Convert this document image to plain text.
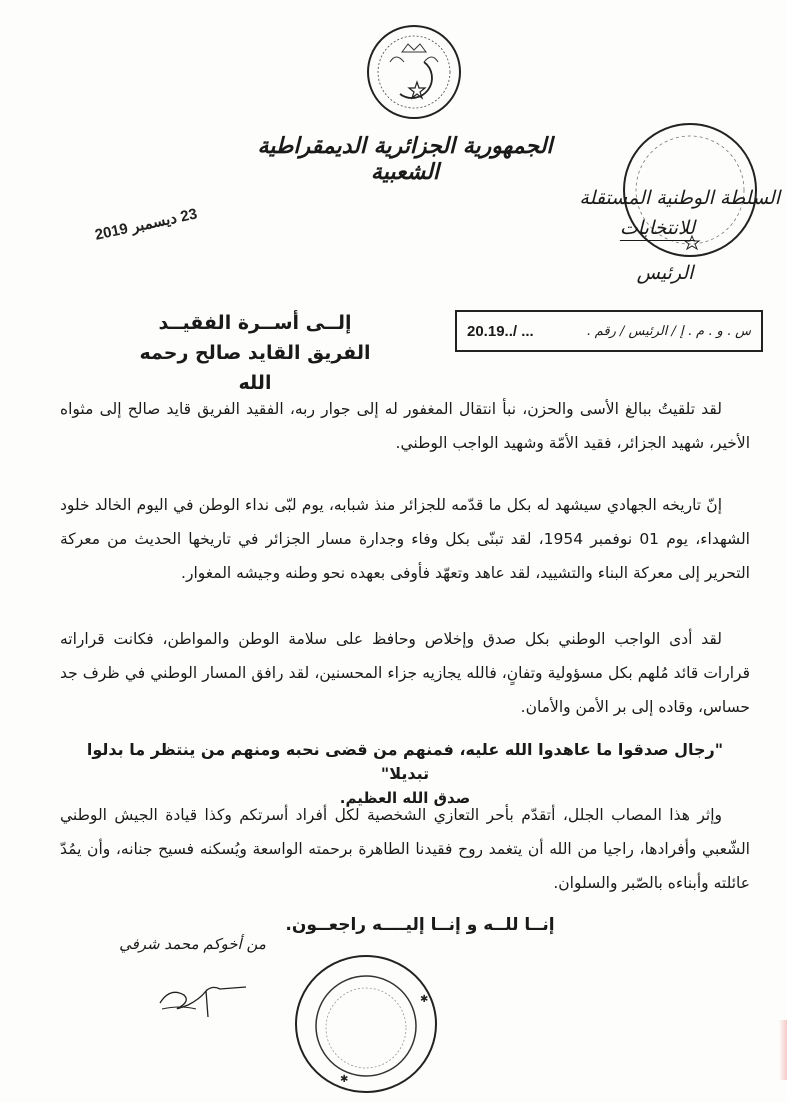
الجمهورية الجزائرية الديمقراطية الشعبية
السلطة الوطنية المستقلة
للانتخابات
الرئيس
23 ديسمبر 2019
إلــى أســرة الفقيــد
الفريق القايد صالح رحمه الله
س . و . م . إ / الرئيس / رقم .
20.19../ ...

لقد تلقيتُ ببالغ الأسى والحزن، نبأ انتقال المغفور له إلى جوار ربه، الفقيد الفريق قايد صالح إلى مثواه الأخير، شهيد الجزائر، فقيد الأمّة وشهيد الواجب الوطني.

إنّ تاريخه الجهادي سيشهد له بكل ما قدّمه للجزائر منذ شبابه، يوم لبّى نداء الوطن في اليوم الخالد خلود الشهداء، يوم 01 نوفمبر 1954، لقد تبنّى بكل وفاء وجدارة مسار الجزائر في تاريخها الحديث من معركة التحرير إلى معركة البناء والتشييد، لقد عاهد وتعهّد فأوفى بعهده نحو وطنه وجيشه المغوار.

لقد أدى الواجب الوطني بكل صدق وإخلاص وحافظ على سلامة الوطن والمواطن، فكانت قراراته قرارات قائد مُلهم بكل مسؤولية وتفانٍ، فالله يجازيه جزاء المحسنين، لقد رافق المسار الوطني في ظرف جد حساس، وقاده إلى بر الأمن والأمان.

"رجال صدقوا ما عاهدوا الله عليه، فمنهم من قضى نحبه ومنهم من ينتظر ما بدلوا تبديلا"
صدق الله العظيم.

وإثر هذا المصاب الجلل، أتقدّم بأحر التعازي الشخصية لكل أفراد أسرتكم وكذا قيادة الجيش الوطني الشّعبي وأفرادها، راجيا من الله أن يتغمد روح فقيدنا الطاهرة برحمته الواسعة ويُسكنه فسيح جنانه، وأن يمُدّ عائلته وأبناءه بالصّبر والسلوان.

إنــا للــه و إنــا إليــــه راجعــون.
من أخوكم محمد شرفي
✱
✱
